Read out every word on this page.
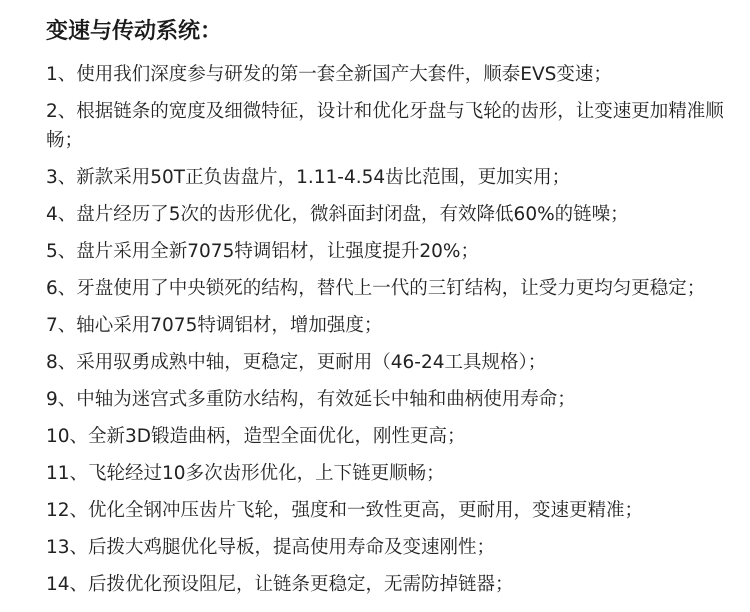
变速与传动系统：
1、使用我们深度参与研发的第一套全新国产大套件，顺泰EVS变速；
2、根据链条的宽度及细微特征，设计和优化牙盘与飞轮的齿形，让变速更加精准顺畅；
3、新款采用50T正负齿盘片，1.11-4.54齿比范围，更加实用；
4、盘片经历了5次的齿形优化，微斜面封闭盘，有效降低60%的链噪；
5、盘片采用全新7075特调铝材，让强度提升20%；
6、牙盘使用了中央锁死的结构，替代上一代的三钉结构，让受力更均匀更稳定；
7、轴心采用7075特调铝材，增加强度；
8、采用驭勇成熟中轴，更稳定，更耐用（46-24工具规格）；
9、中轴为迷宫式多重防水结构，有效延长中轴和曲柄使用寿命；
10、全新3D锻造曲柄，造型全面优化，刚性更高；
11、飞轮经过10多次齿形优化，上下链更顺畅；
12、优化全钢冲压齿片飞轮，强度和一致性更高，更耐用，变速更精准；
13、后拨大鸡腿优化导板，提高使用寿命及变速刚性；
14、后拨优化预设阻尼，让链条更稳定，无需防掉链器；
